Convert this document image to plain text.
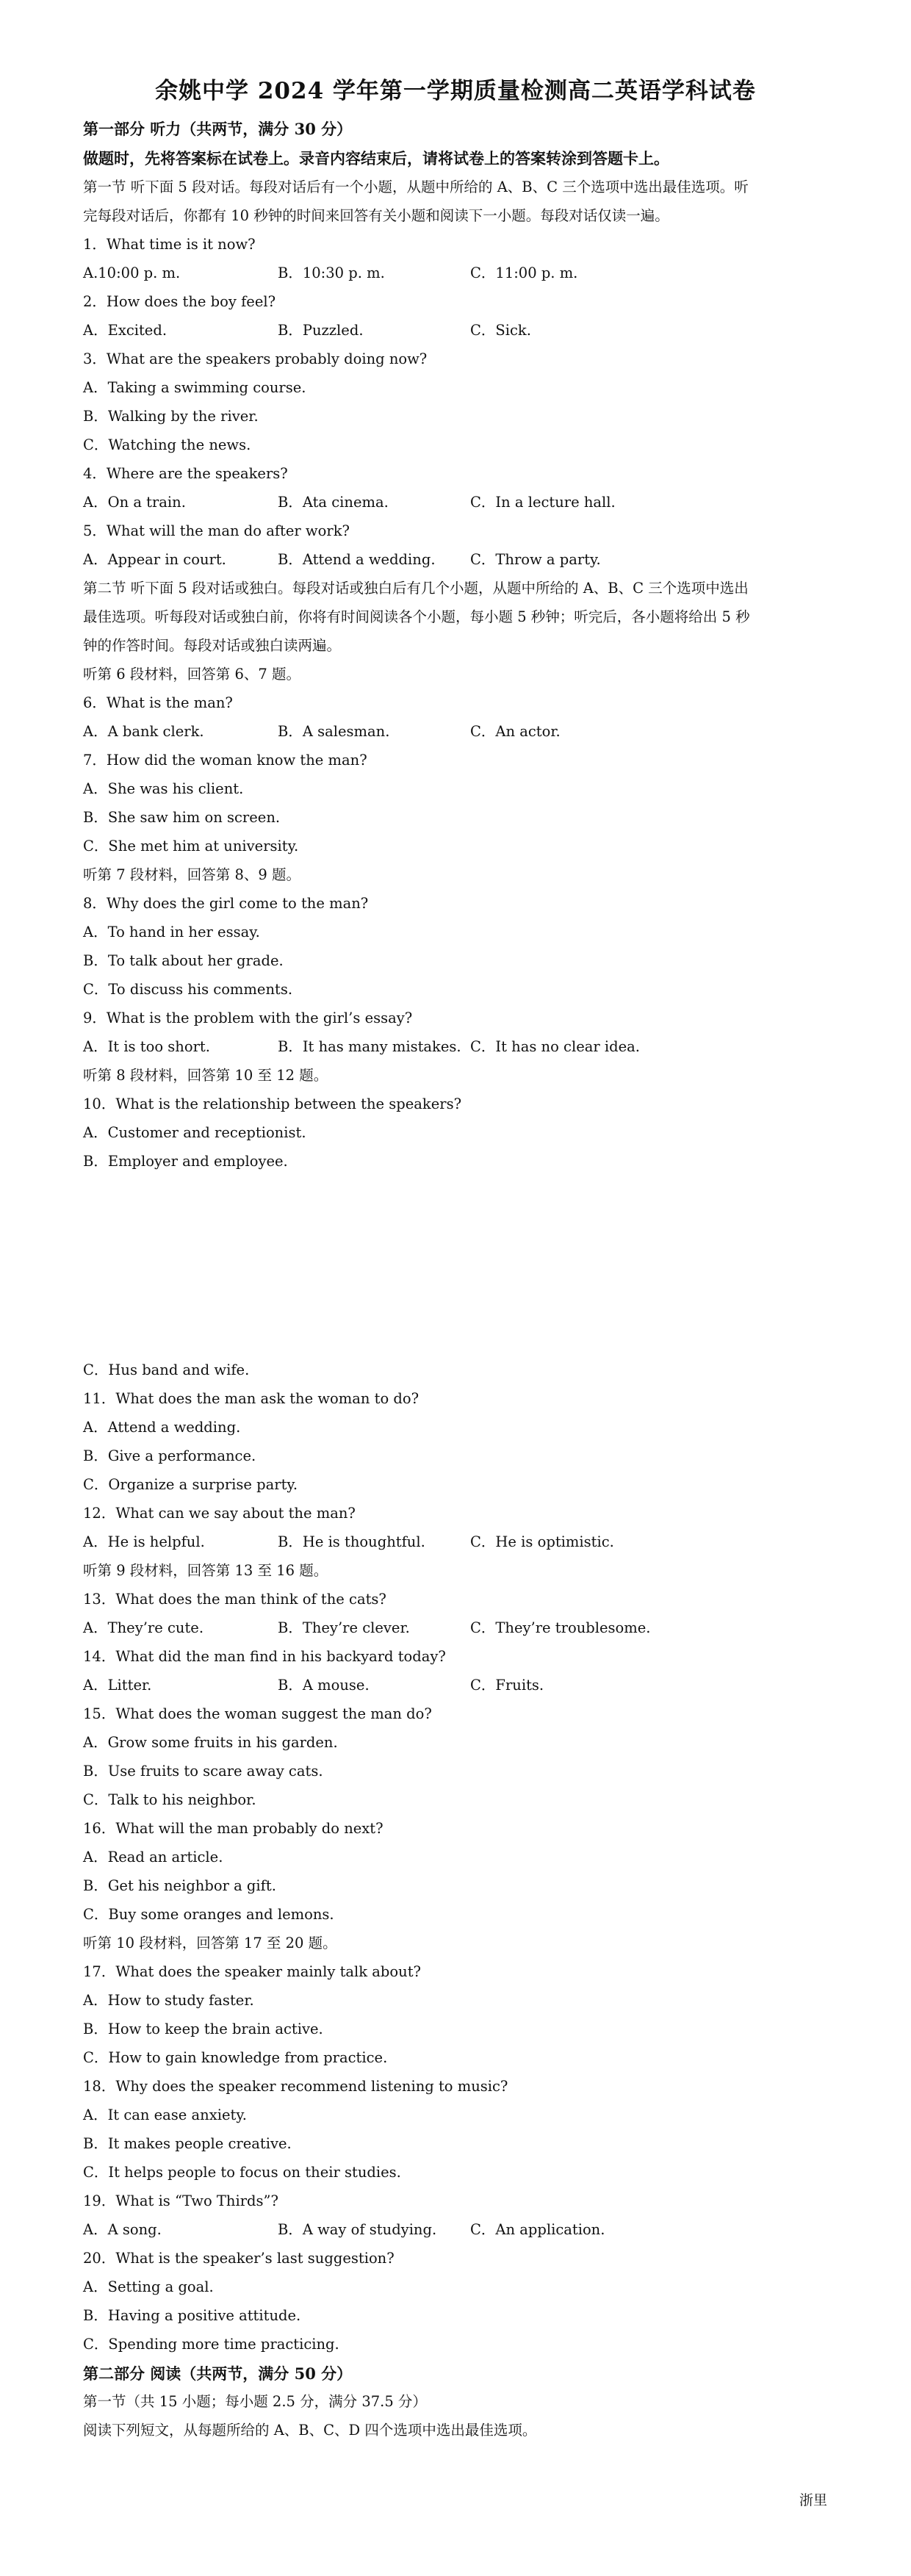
余姚中学 2024 学年第一学期质量检测高二英语学科试卷
第一部分 听力（共两节，满分 30 分）
做题时，先将答案标在试卷上。录音内容结束后，请将试卷上的答案转涂到答题卡上。
第一节 听下面 5 段对话。每段对话后有一个小题，从题中所给的 A、B、C 三个选项中选出最佳选项。听
完每段对话后，你都有 10 秒钟的时间来回答有关小题和阅读下一小题。每段对话仅读一遍。
1．What time is it now?
A.10:00 p. m.	B．10:30 p. m.	C．11:00 p. m.
2．How does the boy feel?
A．Excited.	B．Puzzled.	C．Sick.
3．What are the speakers probably doing now?
A．Taking a swimming course.
B．Walking by the river.
C．Watching the news.
4．Where are the speakers?
A．On a train.	B．Ata cinema.	C．In a lecture hall.
5．What will the man do after work?
A．Appear in court.	B．Attend a wedding. C．Throw a party.
第二节 听下面 5 段对话或独白。每段对话或独白后有几个小题，从题中所给的 A、B、C 三个选项中选出
最佳选项。听每段对话或独白前，你将有时间阅读各个小题，每小题 5 秒钟；听完后，各小题将给出 5 秒
钟的作答时间。每段对话或独白读两遍。
听第 6 段材料，回答第 6、7 题。
6．What is the man?
A．A bank clerk.	B．A salesman.	C．An actor.
7．How did the woman know the man?
A．She was his client.
B．She saw him on screen.
C．She met him at university.
听第 7 段材料，回答第 8、9 题。
8．Why does the girl come to the man?
A．To hand in her essay.
B．To talk about her grade.
C．To discuss his comments.
9．What is the problem with the girl’s essay?
A．It is too short.	B．It has many mistakes. C．It has no clear idea.
听第 8 段材料，回答第 10 至 12 题。
10．What is the relationship between the speakers?
A．Customer and receptionist.
B．Employer and employee.
C．Hus band and wife.
11．What does the man ask the woman to do?
A．Attend a wedding.
B．Give a performance.
C．Organize a surprise party.
12．What can we say about the man?
A．He is helpful.	B．He is thoughtful.	C．He is optimistic.
听第 9 段材料，回答第 13 至 16 题。
13．What does the man think of the cats?
A．They’re cute.	B．They’re clever.	C．They’re troublesome.
14．What did the man find in his backyard today?
A．Litter.	B．A mouse.	C．Fruits.
15．What does the woman suggest the man do?
A．Grow some fruits in his garden.
B．Use fruits to scare away cats.
C．Talk to his neighbor.
16．What will the man probably do next?
A．Read an article.
B．Get his neighbor a gift.
C．Buy some oranges and lemons.
听第 10 段材料，回答第 17 至 20 题。
17．What does the speaker mainly talk about?
A．How to study faster.
B．How to keep the brain active.
C．How to gain knowledge from practice.
18．Why does the speaker recommend listening to music?
A．It can ease anxiety.
B．It makes people creative.
C．It helps people to focus on their studies.
19．What is “Two Thirds”?
A．A song.	B．A way of studying. C．An application.
20．What is the speaker’s last suggestion?
A．Setting a goal.
B．Having a positive attitude.
C．Spending more time practicing.
第二部分 阅读（共两节，满分 50 分）
第一节（共 15 小题；每小题 2.5 分，满分 37.5 分）
阅读下列短文，从每题所给的 A、B、C、D 四个选项中选出最佳选项。
浙里
